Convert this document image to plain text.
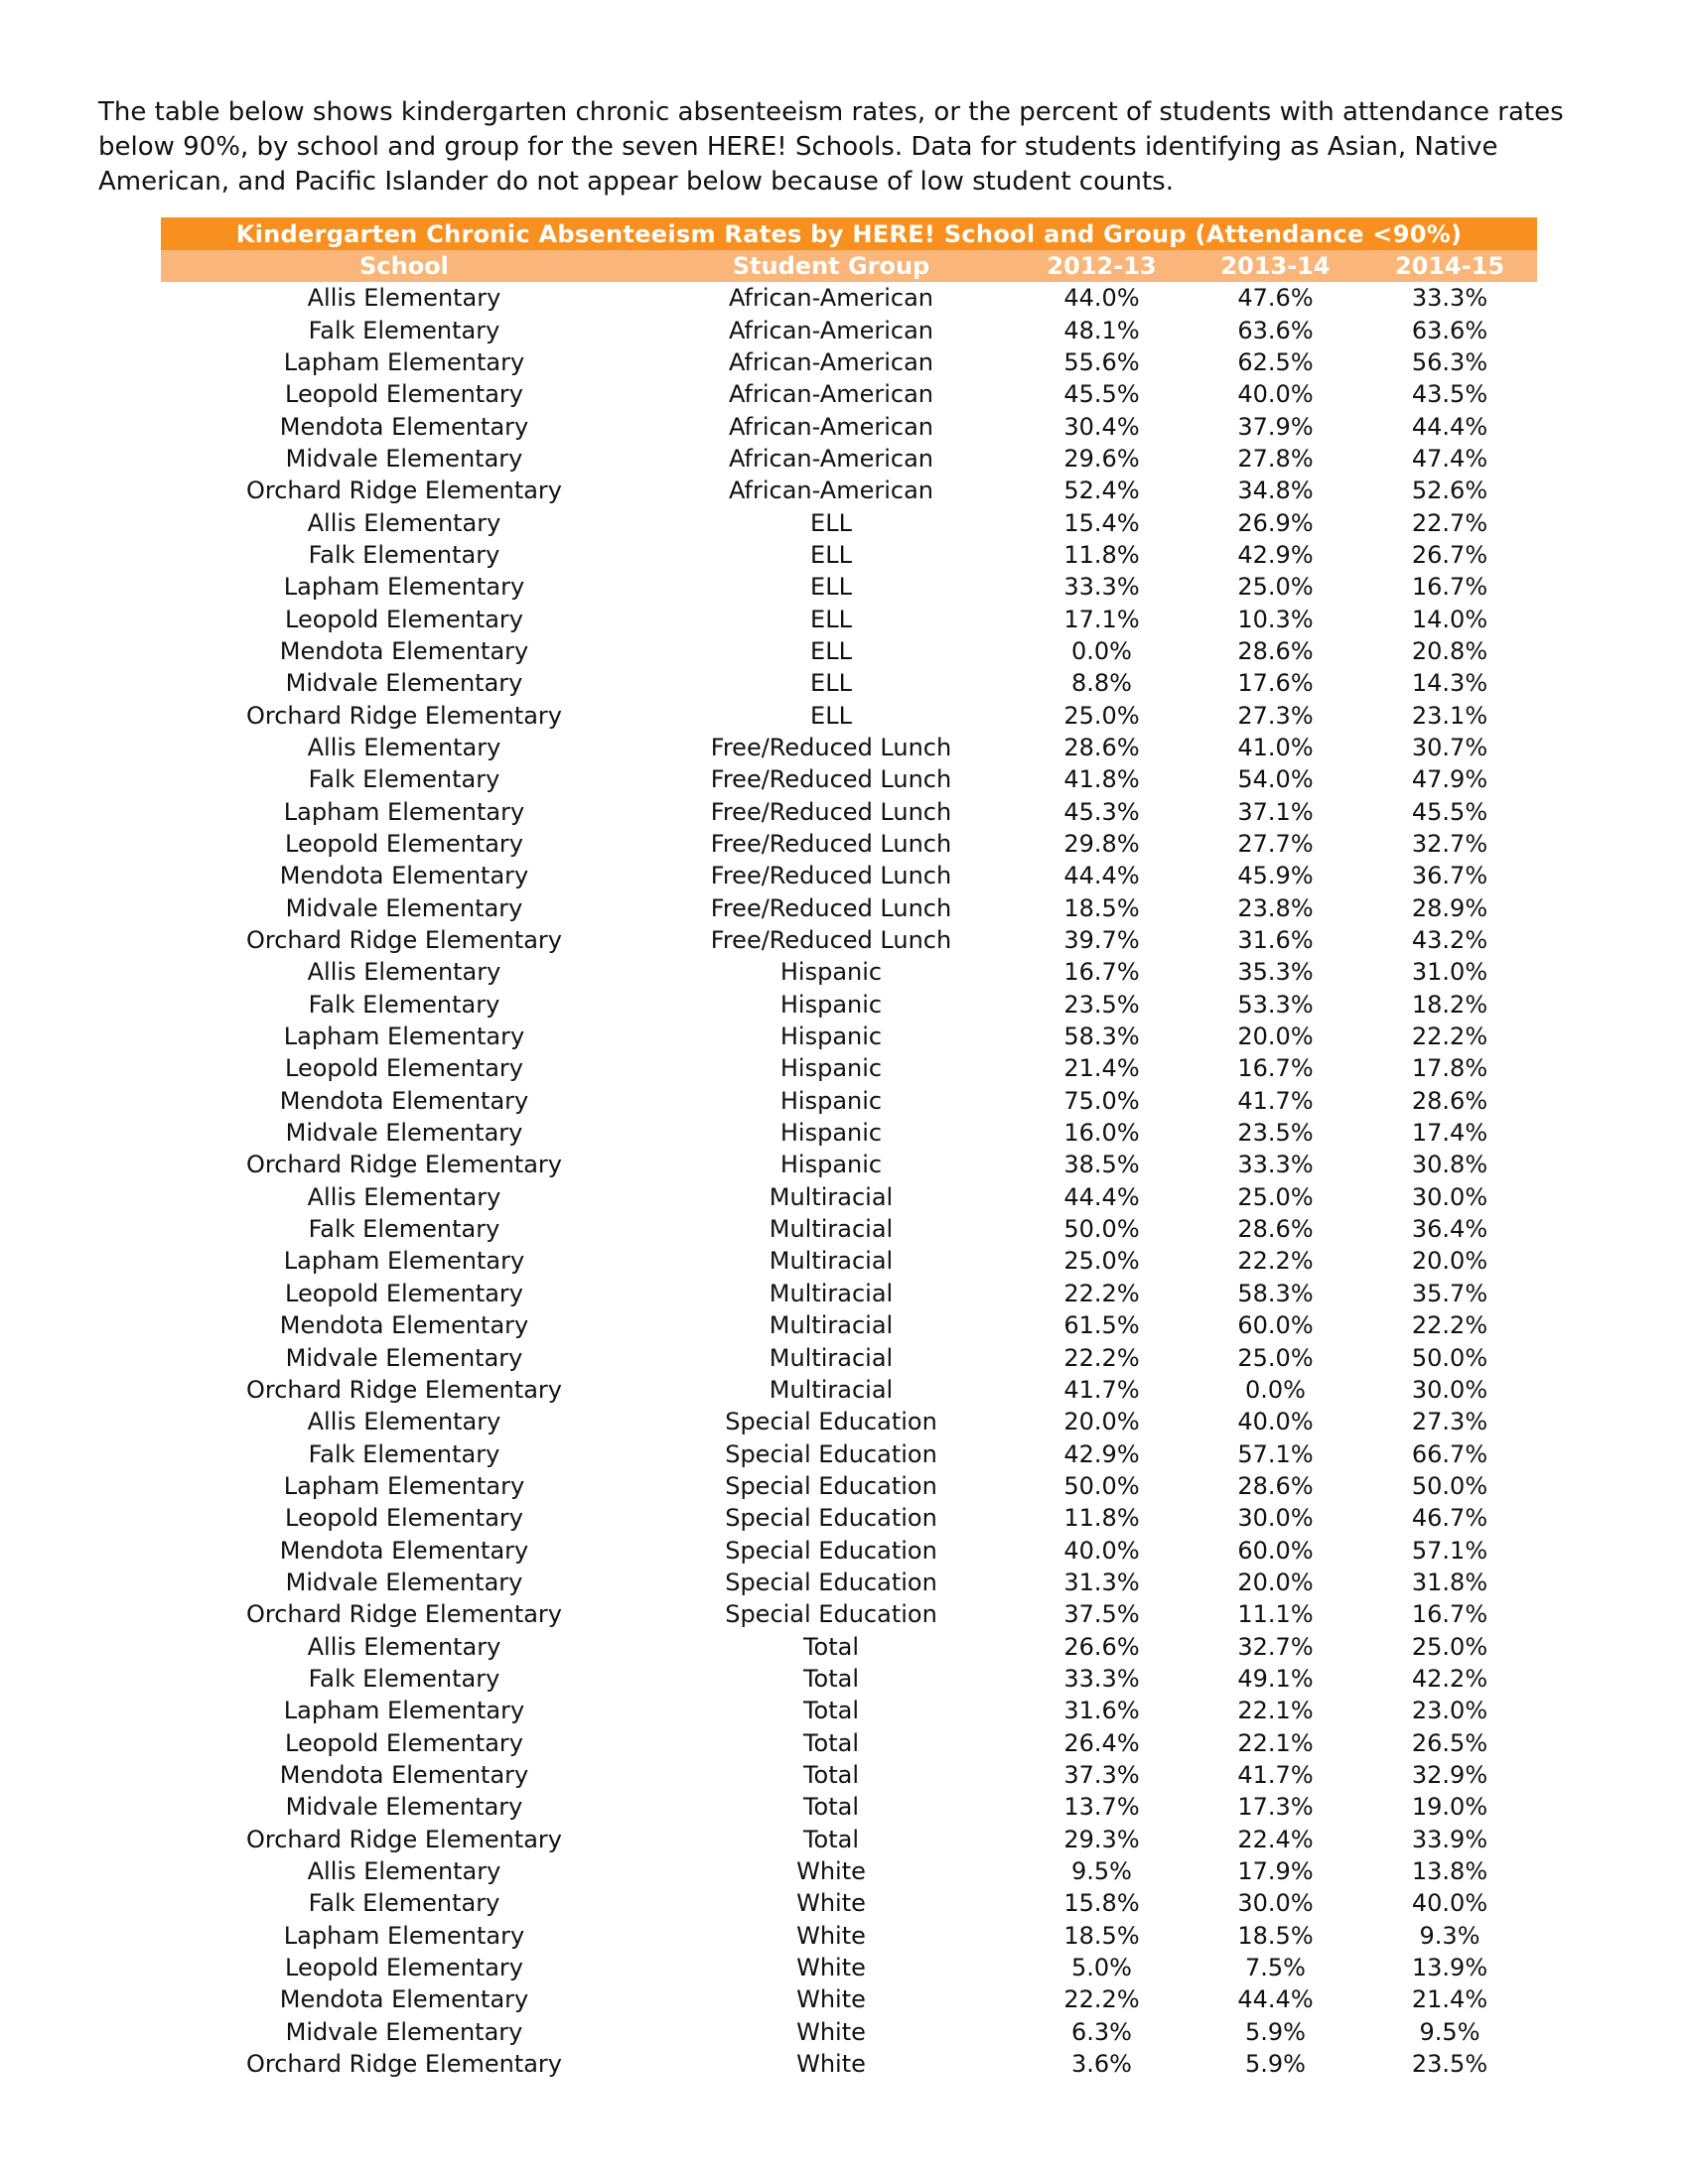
The table below shows kindergarten chronic absenteeism rates, or the percent of students with attendance rates below 90%, by school and group for the seven HERE! Schools. Data for students identifying as Asian, Native American, and Pacific Islander do not appear below because of low student counts.

Kindergarten Chronic Absenteeism Rates by HERE! School and Group (Attendance <90%)				
School	Student Group	2012-13	2013-14	2014-15
Allis Elementary	African-American	44.0%	47.6%	33.3%
Falk Elementary	African-American	48.1%	63.6%	63.6%
Lapham Elementary	African-American	55.6%	62.5%	56.3%
Leopold Elementary	African-American	45.5%	40.0%	43.5%
Mendota Elementary	African-American	30.4%	37.9%	44.4%
Midvale Elementary	African-American	29.6%	27.8%	47.4%
Orchard Ridge Elementary	African-American	52.4%	34.8%	52.6%
Allis Elementary	ELL	15.4%	26.9%	22.7%
Falk Elementary	ELL	11.8%	42.9%	26.7%
Lapham Elementary	ELL	33.3%	25.0%	16.7%
Leopold Elementary	ELL	17.1%	10.3%	14.0%
Mendota Elementary	ELL	0.0%	28.6%	20.8%
Midvale Elementary	ELL	8.8%	17.6%	14.3%
Orchard Ridge Elementary	ELL	25.0%	27.3%	23.1%
Allis Elementary	Free/Reduced Lunch	28.6%	41.0%	30.7%
Falk Elementary	Free/Reduced Lunch	41.8%	54.0%	47.9%
Lapham Elementary	Free/Reduced Lunch	45.3%	37.1%	45.5%
Leopold Elementary	Free/Reduced Lunch	29.8%	27.7%	32.7%
Mendota Elementary	Free/Reduced Lunch	44.4%	45.9%	36.7%
Midvale Elementary	Free/Reduced Lunch	18.5%	23.8%	28.9%
Orchard Ridge Elementary	Free/Reduced Lunch	39.7%	31.6%	43.2%
Allis Elementary	Hispanic	16.7%	35.3%	31.0%
Falk Elementary	Hispanic	23.5%	53.3%	18.2%
Lapham Elementary	Hispanic	58.3%	20.0%	22.2%
Leopold Elementary	Hispanic	21.4%	16.7%	17.8%
Mendota Elementary	Hispanic	75.0%	41.7%	28.6%
Midvale Elementary	Hispanic	16.0%	23.5%	17.4%
Orchard Ridge Elementary	Hispanic	38.5%	33.3%	30.8%
Allis Elementary	Multiracial	44.4%	25.0%	30.0%
Falk Elementary	Multiracial	50.0%	28.6%	36.4%
Lapham Elementary	Multiracial	25.0%	22.2%	20.0%
Leopold Elementary	Multiracial	22.2%	58.3%	35.7%
Mendota Elementary	Multiracial	61.5%	60.0%	22.2%
Midvale Elementary	Multiracial	22.2%	25.0%	50.0%
Orchard Ridge Elementary	Multiracial	41.7%	0.0%	30.0%
Allis Elementary	Special Education	20.0%	40.0%	27.3%
Falk Elementary	Special Education	42.9%	57.1%	66.7%
Lapham Elementary	Special Education	50.0%	28.6%	50.0%
Leopold Elementary	Special Education	11.8%	30.0%	46.7%
Mendota Elementary	Special Education	40.0%	60.0%	57.1%
Midvale Elementary	Special Education	31.3%	20.0%	31.8%
Orchard Ridge Elementary	Special Education	37.5%	11.1%	16.7%
Allis Elementary	Total	26.6%	32.7%	25.0%
Falk Elementary	Total	33.3%	49.1%	42.2%
Lapham Elementary	Total	31.6%	22.1%	23.0%
Leopold Elementary	Total	26.4%	22.1%	26.5%
Mendota Elementary	Total	37.3%	41.7%	32.9%
Midvale Elementary	Total	13.7%	17.3%	19.0%
Orchard Ridge Elementary	Total	29.3%	22.4%	33.9%
Allis Elementary	White	9.5%	17.9%	13.8%
Falk Elementary	White	15.8%	30.0%	40.0%
Lapham Elementary	White	18.5%	18.5%	9.3%
Leopold Elementary	White	5.0%	7.5%	13.9%
Mendota Elementary	White	22.2%	44.4%	21.4%
Midvale Elementary	White	6.3%	5.9%	9.5%
Orchard Ridge Elementary	White	3.6%	5.9%	23.5%
